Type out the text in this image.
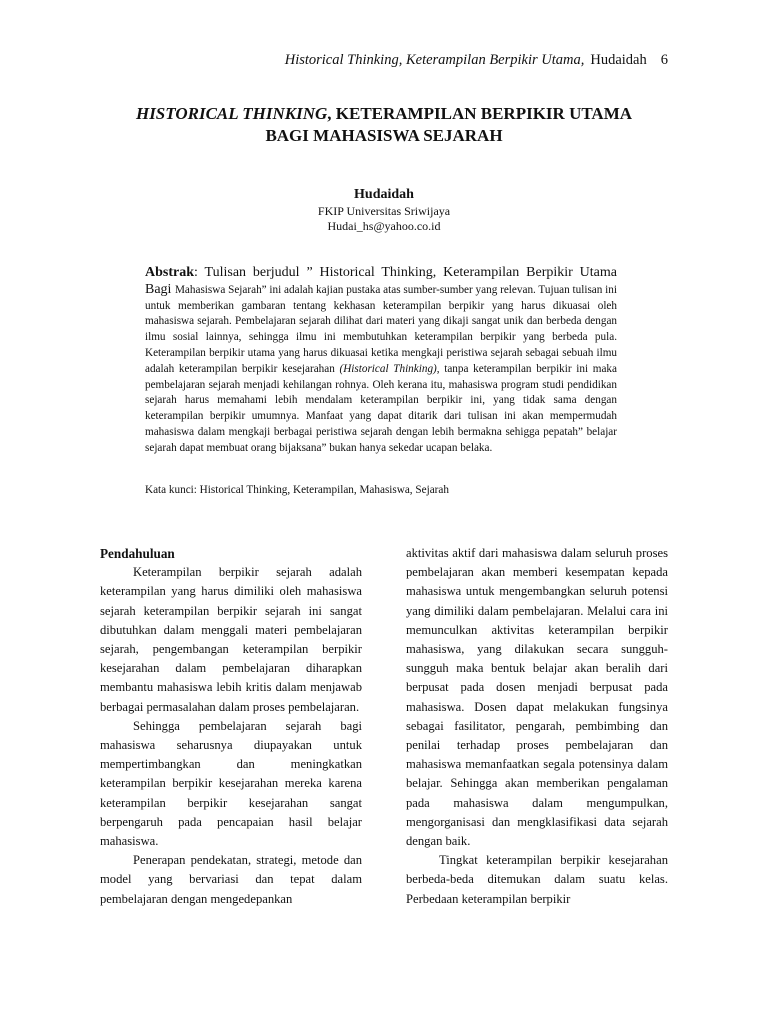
Historical Thinking, Keterampilan Berpikir Utama, Hudaidah 6
HISTORICAL THINKING, KETERAMPILAN BERPIKIR UTAMA
BAGI MAHASISWA SEJARAH
Hudaidah
FKIP Universitas Sriwijaya
Hudai_hs@yahoo.co.id

Abstrak: Tulisan berjudul ” Historical Thinking, Keterampilan Berpikir Utama Bagi Mahasiswa Sejarah” ini adalah kajian pustaka atas sumber-sumber yang relevan. Tujuan tulisan ini untuk memberikan gambaran tentang kekhasan keterampilan berpikir yang harus dikuasai oleh mahasiswa sejarah. Pembelajaran sejarah dilihat dari materi yang dikaji sangat unik dan berbeda dengan ilmu sosial lainnya, sehingga ilmu ini membutuhkan keterampilan berpikir yang berbeda pula. Keterampilan berpikir utama yang harus dikuasai ketika mengkaji peristiwa sejarah sebagai sebuah ilmu adalah keterampilan berpikir kesejarahan (Historical Thinking), tanpa keterampilan berpikir ini maka pembelajaran sejarah menjadi kehilangan rohnya. Oleh kerana itu, mahasiswa program studi pendidikan sejarah harus memahami lebih mendalam keterampilan berpikir ini, yang tidak sama dengan keterampilan berpikir umumnya. Manfaat yang dapat ditarik dari tulisan ini akan mempermudah mahasiswa dalam mengkaji berbagai peristiwa sejarah dengan lebih bermakna sehigga pepatah” belajar sejarah dapat membuat orang bijaksana” bukan hanya sekedar ucapan belaka.

Kata kunci: Historical Thinking, Keterampilan, Mahasiswa, Sejarah
Pendahuluan

Keterampilan berpikir sejarah adalah keterampilan yang harus dimiliki oleh mahasiswa sejarah keterampilan berpikir sejarah ini sangat dibutuhkan dalam menggali materi pembelajaran sejarah, pengembangan keterampilan berpikir kesejarahan dalam pembelajaran diharapkan membantu mahasiswa lebih kritis dalam menjawab berbagai permasalahan dalam proses pembelajaran.

Sehingga pembelajaran sejarah bagi mahasiswa seharusnya diupayakan untuk mempertimbangkan dan meningkatkan keterampilan berpikir kesejarahan mereka karena keterampilan berpikir kesejarahan sangat berpengaruh pada pencapaian hasil belajar mahasiswa.

Penerapan pendekatan, strategi, metode dan model yang bervariasi dan tepat dalam pembelajaran dengan mengedepankan

aktivitas aktif dari mahasiswa dalam seluruh proses pembelajaran akan memberi kesempatan kepada mahasiswa untuk mengembangkan seluruh potensi yang dimiliki dalam pembelajaran. Melalui cara ini memunculkan aktivitas keterampilan berpikir mahasiswa, yang dilakukan secara sungguh-sungguh maka bentuk belajar akan beralih dari berpusat pada dosen menjadi berpusat pada mahasiswa. Dosen dapat melakukan fungsinya sebagai fasilitator, pengarah, pembimbing dan penilai terhadap proses pembelajaran dan mahasiswa memanfaatkan segala potensinya dalam belajar. Sehingga akan memberikan pengalaman pada mahasiswa dalam mengumpulkan, mengorganisasi dan mengklasifikasi data sejarah dengan baik.

Tingkat keterampilan berpikir kesejarahan berbeda-beda ditemukan dalam suatu kelas. Perbedaan keterampilan berpikir
